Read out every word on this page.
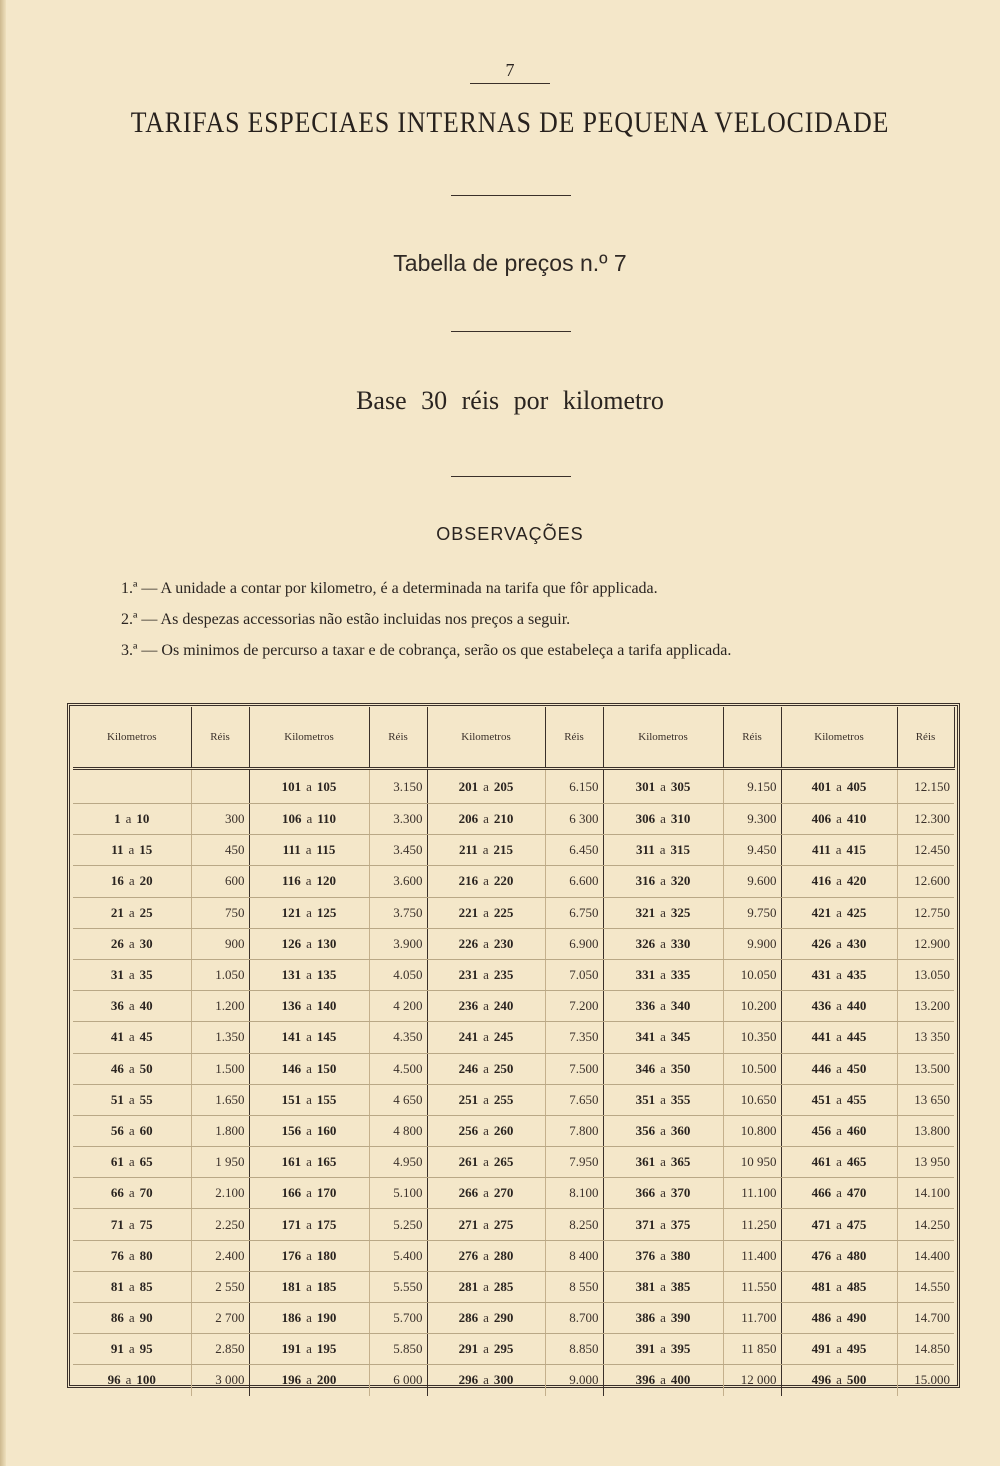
7
TARIFAS ESPECIAES INTERNAS DE PEQUENA VELOCIDADE
Tabella de preços n.º 7
Base 30 réis por kilometro
OBSERVAÇÕES
1.ª — A unidade a contar por kilometro, é a determinada na tarifa que fôr applicada.
2.ª — As despezas accessorias não estão incluidas nos preços a seguir.
3.ª — Os minimos de percurso a taxar e de cobrança, serão os que estabeleça a tarifa applicada.
Kilometros	Réis	Kilometros	Réis	Kilometros	Réis	Kilometros	Réis	Kilometros	Réis
		101 a 105	3.150	201 a 205	6.150	301 a 305	9.150	401 a 405	12.150
1 a 10	300	106 a 110	3.300	206 a 210	6 300	306 a 310	9.300	406 a 410	12.300
11 a 15	450	111 a 115	3.450	211 a 215	6.450	311 a 315	9.450	411 a 415	12.450
16 a 20	600	116 a 120	3.600	216 a 220	6.600	316 a 320	9.600	416 a 420	12.600
21 a 25	750	121 a 125	3.750	221 a 225	6.750	321 a 325	9.750	421 a 425	12.750
26 a 30	900	126 a 130	3.900	226 a 230	6.900	326 a 330	9.900	426 a 430	12.900
31 a 35	1.050	131 a 135	4.050	231 a 235	7.050	331 a 335	10.050	431 a 435	13.050
36 a 40	1.200	136 a 140	4 200	236 a 240	7.200	336 a 340	10.200	436 a 440	13.200
41 a 45	1.350	141 a 145	4.350	241 a 245	7.350	341 a 345	10.350	441 a 445	13 350
46 a 50	1.500	146 a 150	4.500	246 a 250	7.500	346 a 350	10.500	446 a 450	13.500
51 a 55	1.650	151 a 155	4 650	251 a 255	7.650	351 a 355	10.650	451 a 455	13 650
56 a 60	1.800	156 a 160	4 800	256 a 260	7.800	356 a 360	10.800	456 a 460	13.800
61 a 65	1 950	161 a 165	4.950	261 a 265	7.950	361 a 365	10 950	461 a 465	13 950
66 a 70	2.100	166 a 170	5.100	266 a 270	8.100	366 a 370	11.100	466 a 470	14.100
71 a 75	2.250	171 a 175	5.250	271 a 275	8.250	371 a 375	11.250	471 a 475	14.250
76 a 80	2.400	176 a 180	5.400	276 a 280	8 400	376 a 380	11.400	476 a 480	14.400
81 a 85	2 550	181 a 185	5.550	281 a 285	8 550	381 a 385	11.550	481 a 485	14.550
86 a 90	2 700	186 a 190	5.700	286 a 290	8.700	386 a 390	11.700	486 a 490	14.700
91 a 95	2.850	191 a 195	5.850	291 a 295	8.850	391 a 395	11 850	491 a 495	14.850
96 a 100	3 000	196 a 200	6 000	296 a 300	9.000	396 a 400	12 000	496 a 500	15.000
